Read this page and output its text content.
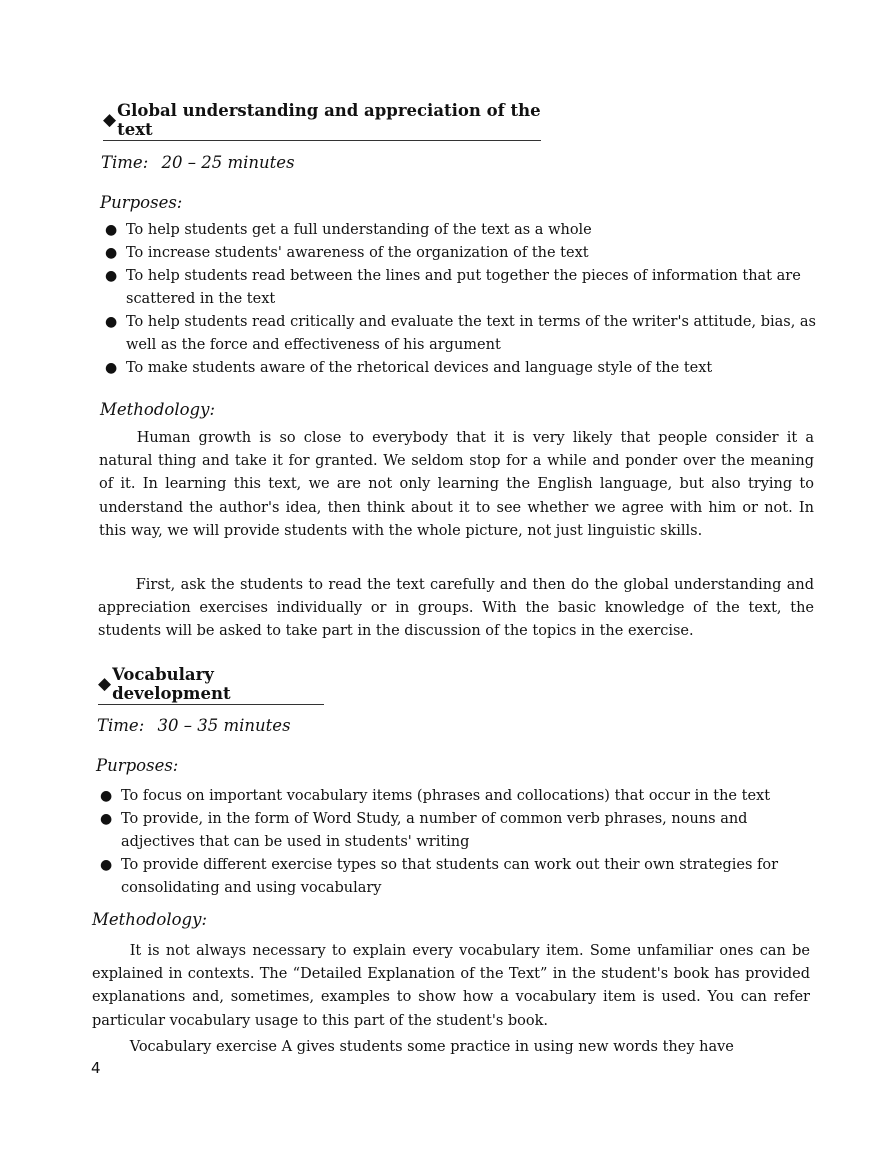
◆ Global understanding and appreciation of the text
Time: 20 – 25 minutes
Purposes:
● To help students get a full understanding of the text as a whole
● To increase students' awareness of the organization of the text
● To help students read between the lines and put together the pieces of information that are scattered in the text
● To help students read critically and evaluate the text in terms of the writer's attitude, bias, as well as the force and effectiveness of his argument
● To make students aware of the rhetorical devices and language style of the text
Methodology:

Human growth is so close to everybody that it is very likely that people consider it a natural thing and take it for granted. We seldom stop for a while and ponder over the meaning of it. In learning this text, we are not only learning the English language, but also trying to understand the author's idea, then think about it to see whether we agree with him or not. In this way, we will provide students with the whole picture, not just linguistic skills.

First, ask the students to read the text carefully and then do the global understanding and appreciation exercises individually or in groups. With the basic knowledge of the text, the students will be asked to take part in the discussion of the topics in the exercise.

◆ Vocabulary development
Time: 30 – 35 minutes
Purposes:
● To focus on important vocabulary items (phrases and collocations) that occur in the text
● To provide, in the form of Word Study, a number of common verb phrases, nouns and adjectives that can be used in students' writing
● To provide different exercise types so that students can work out their own strategies for consolidating and using vocabulary
Methodology:

It is not always necessary to explain every vocabulary item. Some unfamiliar ones can be explained in contexts. The “Detailed Explanation of the Text” in the student's book has provided explanations and, sometimes, examples to show how a vocabulary item is used. You can refer particular vocabulary usage to this part of the student's book.

Vocabulary exercise A gives students some practice in using new words they have

4
